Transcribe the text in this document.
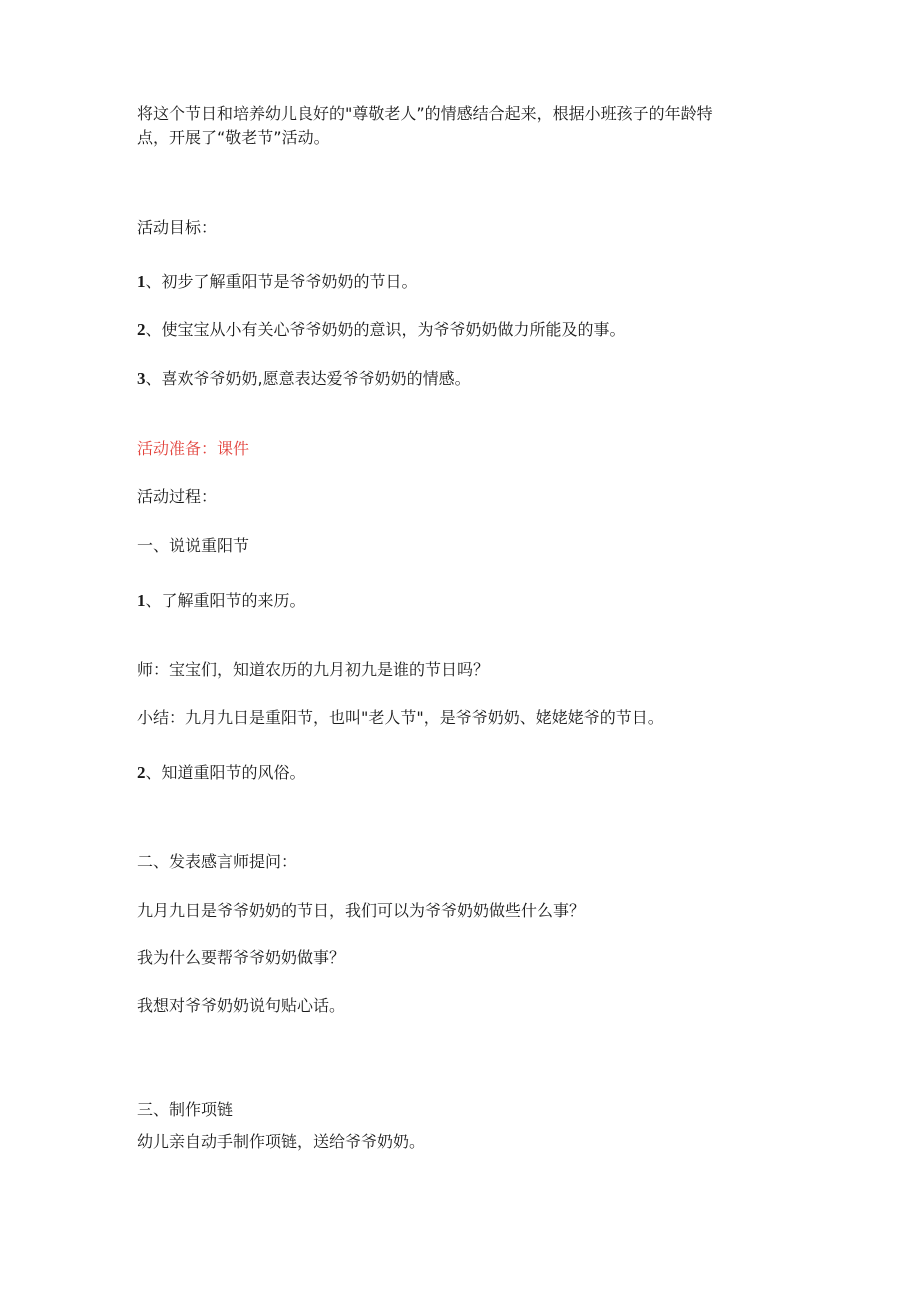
将这个节日和培养幼儿良好的"尊敬老人”的情感结合起来，根据小班孩子的年龄特

点，开展了“敬老节”活动。

活动目标：

1、初步了解重阳节是爷爷奶奶的节日。

2、使宝宝从小有关心爷爷奶奶的意识，为爷爷奶奶做力所能及的事。

3、喜欢爷爷奶奶,愿意表达爱爷爷奶奶的情感。

活动准备：课件

活动过程：

一、说说重阳节

1、了解重阳节的来历。

师：宝宝们，知道农历的九月初九是谁的节日吗？

小结：九月九日是重阳节，也叫"老人节"，是爷爷奶奶、姥姥姥爷的节日。

2、知道重阳节的风俗。

二、发表感言师提问：

九月九日是爷爷奶奶的节日，我们可以为爷爷奶奶做些什么事？

我为什么要帮爷爷奶奶做事？

我想对爷爷奶奶说句贴心话。

三、制作项链

幼儿亲自动手制作项链，送给爷爷奶奶。
